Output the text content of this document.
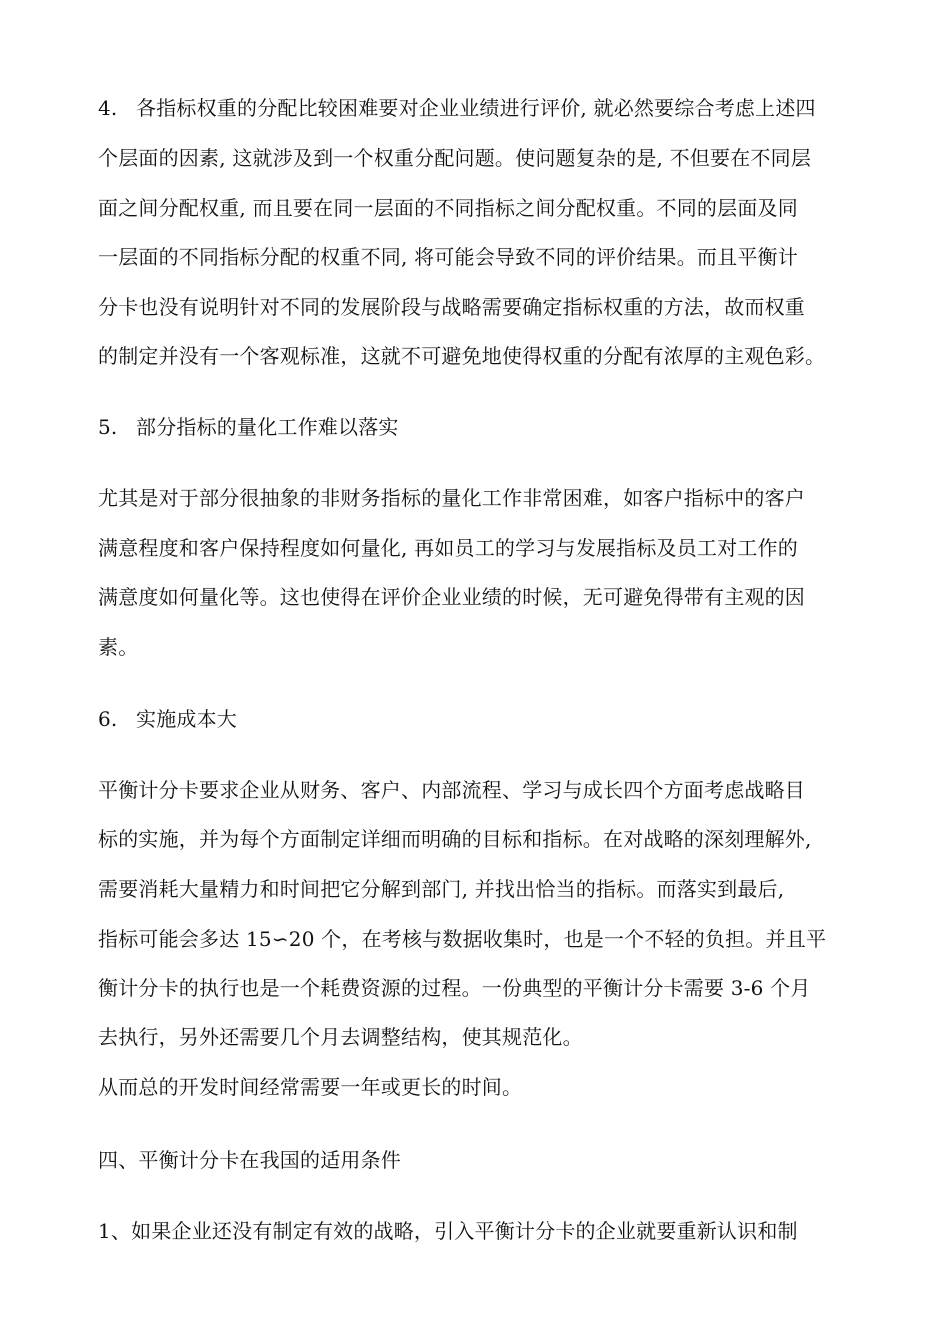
4. 各指标权重的分配比较困难要对企业业绩进行评价, 就必然要综合考虑上述四

个层面的因素, 这就涉及到一个权重分配问题。使问题复杂的是, 不但要在不同层

面之间分配权重, 而且要在同一层面的不同指标之间分配权重。不同的层面及同

一层面的不同指标分配的权重不同, 将可能会导致不同的评价结果。而且平衡计

分卡也没有说明针对不同的发展阶段与战略需要确定指标权重的方法，故而权重

的制定并没有一个客观标准，这就不可避免地使得权重的分配有浓厚的主观色彩。

5. 部分指标的量化工作难以落实

尤其是对于部分很抽象的非财务指标的量化工作非常困难，如客户指标中的客户

满意程度和客户保持程度如何量化, 再如员工的学习与发展指标及员工对工作的

满意度如何量化等。这也使得在评价企业业绩的时候，无可避免得带有主观的因

素。

6. 实施成本大

平衡计分卡要求企业从财务、客户、内部流程、学习与成长四个方面考虑战略目

标的实施，并为每个方面制定详细而明确的目标和指标。在对战略的深刻理解外,

需要消耗大量精力和时间把它分解到部门, 并找出恰当的指标。而落实到最后,

指标可能会多达 15∽20 个，在考核与数据收集时，也是一个不轻的负担。并且平

衡计分卡的执行也是一个耗费资源的过程。一份典型的平衡计分卡需要 3-6 个月

去执行，另外还需要几个月去调整结构，使其规范化。

从而总的开发时间经常需要一年或更长的时间。

四、平衡计分卡在我国的适用条件

1、如果企业还没有制定有效的战略，引入平衡计分卡的企业就要重新认识和制
